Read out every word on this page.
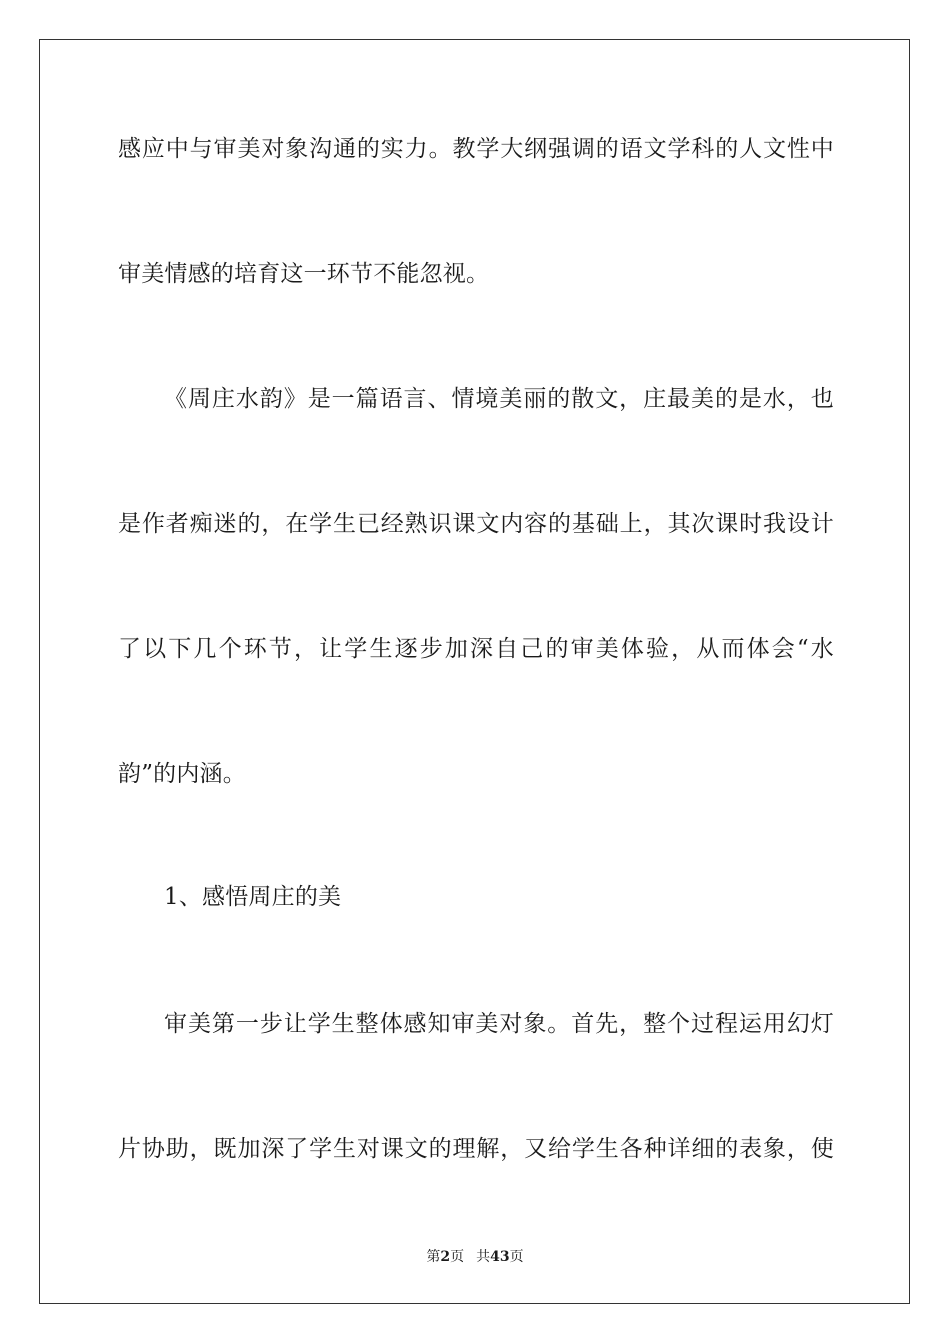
感应中与审美对象沟通的实力。教学大纲强调的语文学科的人文性中
审美情感的培育这一环节不能忽视。
《周庄水韵》是一篇语言、情境美丽的散文，庄最美的是水，也
是作者痴迷的，在学生已经熟识课文内容的基础上，其次课时我设计
了以下几个环节，让学生逐步加深自己的审美体验，从而体会“水
韵”的内涵。
1、感悟周庄的美
审美第一步让学生整体感知审美对象。首先，整个过程运用幻灯
片协助，既加深了学生对课文的理解，又给学生各种详细的表象，使
第2页 共43页
